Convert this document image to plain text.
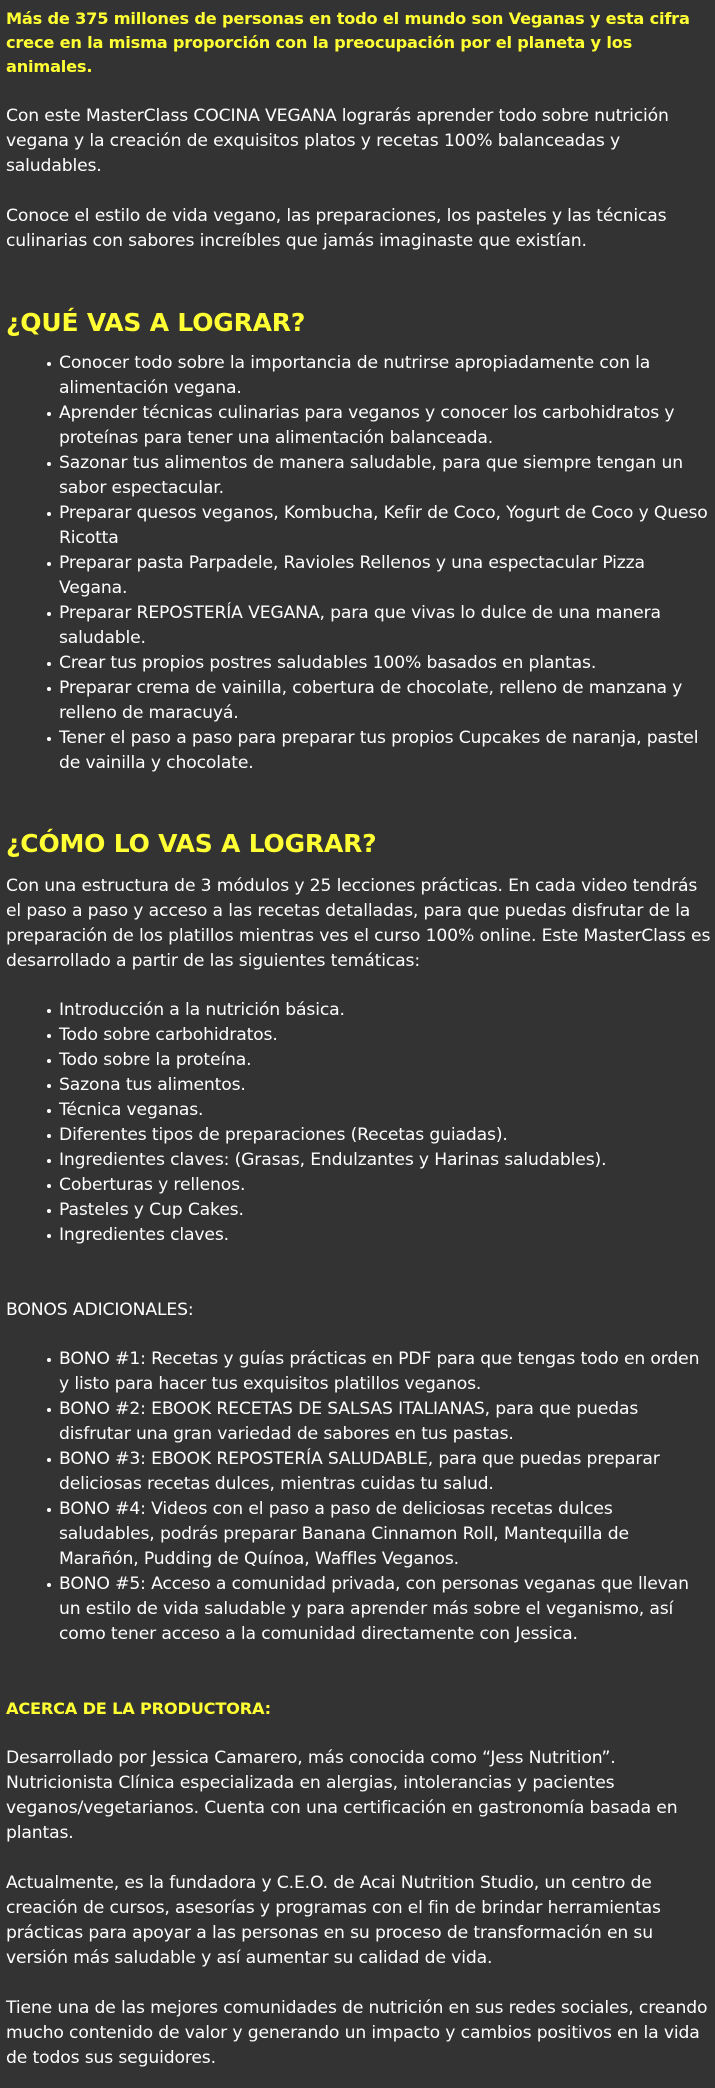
Más de 375 millones de personas en todo el mundo son Veganas y esta cifra crece en la misma proporción con la preocupación por el planeta y los animales.

Con este MasterClass COCINA VEGANA lograrás aprender todo sobre nutrición vegana y la creación de exquisitos platos y recetas 100% balanceadas y saludables.

Conoce el estilo de vida vegano, las preparaciones, los pasteles y las técnicas culinarias con sabores increíbles que jamás imaginaste que existían.

¿QUÉ VAS A LOGRAR?
Conocer todo sobre la importancia de nutrirse apropiadamente con la alimentación vegana.
Aprender técnicas culinarias para veganos y conocer los carbohidratos y proteínas para tener una alimentación balanceada.
Sazonar tus alimentos de manera saludable, para que siempre tengan un sabor espectacular.
Preparar quesos veganos, Kombucha, Kefir de Coco, Yogurt de Coco y Queso Ricotta
Preparar pasta Parpadele, Ravioles Rellenos y una espectacular Pizza Vegana.
Preparar REPOSTERÍA VEGANA, para que vivas lo dulce de una manera saludable.
Crear tus propios postres saludables 100% basados en plantas.
Preparar crema de vainilla, cobertura de chocolate, relleno de manzana y relleno de maracuyá.
Tener el paso a paso para preparar tus propios Cupcakes de naranja, pastel de vainilla y chocolate.
¿CÓMO LO VAS A LOGRAR?

Con una estructura de 3 módulos y 25 lecciones prácticas. En cada video tendrás el paso a paso y acceso a las recetas detalladas, para que puedas disfrutar de la preparación de los platillos mientras ves el curso 100% online. Este MasterClass es desarrollado a partir de las siguientes temáticas:

Introducción a la nutrición básica.
Todo sobre carbohidratos.
Todo sobre la proteína.
Sazona tus alimentos.
Técnica veganas.
Diferentes tipos de preparaciones (Recetas guiadas).
Ingredientes claves: (Grasas, Endulzantes y Harinas saludables).
Coberturas y rellenos.
Pasteles y Cup Cakes.
Ingredientes claves.
BONOS ADICIONALES:
BONO #1: Recetas y guías prácticas en PDF para que tengas todo en orden y listo para hacer tus exquisitos platillos veganos.
BONO #2: EBOOK RECETAS DE SALSAS ITALIANAS, para que puedas disfrutar una gran variedad de sabores en tus pastas.
BONO #3: EBOOK REPOSTERÍA SALUDABLE, para que puedas preparar deliciosas recetas dulces, mientras cuidas tu salud.
BONO #4: Videos con el paso a paso de deliciosas recetas dulces saludables, podrás preparar Banana Cinnamon Roll, Mantequilla de Marañón, Pudding de Quínoa, Waffles Veganos.
BONO #5: Acceso a comunidad privada, con personas veganas que llevan un estilo de vida saludable y para aprender más sobre el veganismo, así como tener acceso a la comunidad directamente con Jessica.
ACERCA DE LA PRODUCTORA:

Desarrollado por Jessica Camarero, más conocida como “Jess Nutrition”. Nutricionista Clínica especializada en alergias, intolerancias y pacientes veganos/vegetarianos. Cuenta con una certificación en gastronomía basada en plantas.

Actualmente, es la fundadora y C.E.O. de Acai Nutrition Studio, un centro de creación de cursos, asesorías y programas con el fin de brindar herramientas prácticas para apoyar a las personas en su proceso de transformación en su versión más saludable y así aumentar su calidad de vida.

Tiene una de las mejores comunidades de nutrición en sus redes sociales, creando mucho contenido de valor y generando un impacto y cambios positivos en la vida de todos sus seguidores.
